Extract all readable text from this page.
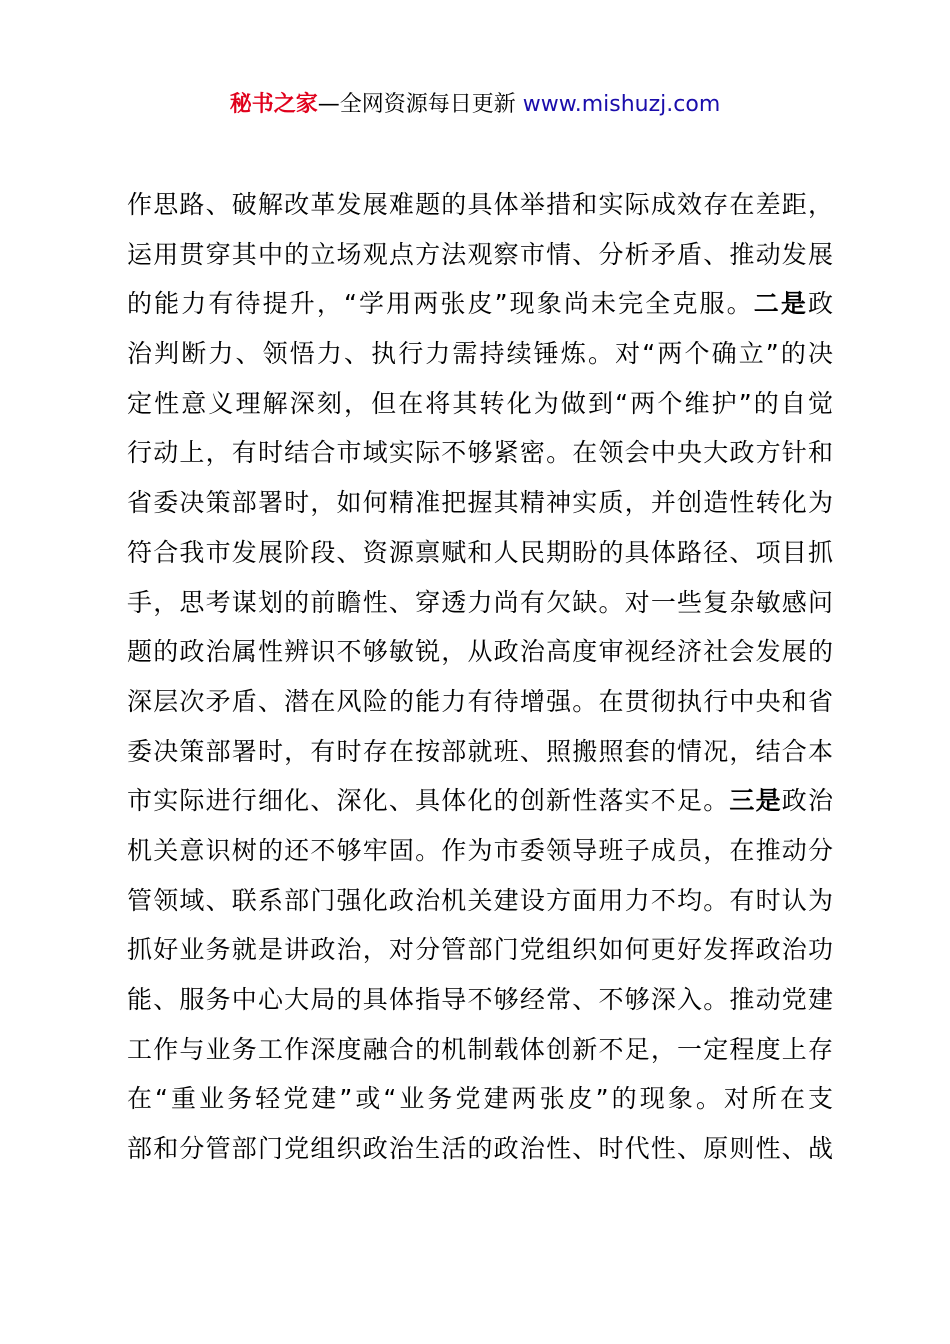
秘书之家—全网资源每日更新 www.mishuzj.com
作思路、破解改革发展难题的具体举措和实际成效存在差距，
运用贯穿其中的立场观点方法观察市情、分析矛盾、推动发展
的能力有待提升，“学用两张皮”现象尚未完全克服。二是政
治判断力、领悟力、执行力需持续锤炼。对“两个确立”的决
定性意义理解深刻，但在将其转化为做到“两个维护”的自觉
行动上，有时结合市域实际不够紧密。在领会中央大政方针和
省委决策部署时，如何精准把握其精神实质，并创造性转化为
符合我市发展阶段、资源禀赋和人民期盼的具体路径、项目抓
手，思考谋划的前瞻性、穿透力尚有欠缺。对一些复杂敏感问
题的政治属性辨识不够敏锐，从政治高度审视经济社会发展的
深层次矛盾、潜在风险的能力有待增强。在贯彻执行中央和省
委决策部署时，有时存在按部就班、照搬照套的情况，结合本
市实际进行细化、深化、具体化的创新性落实不足。三是政治
机关意识树的还不够牢固。作为市委领导班子成员，在推动分
管领域、联系部门强化政治机关建设方面用力不均。有时认为
抓好业务就是讲政治，对分管部门党组织如何更好发挥政治功
能、服务中心大局的具体指导不够经常、不够深入。推动党建
工作与业务工作深度融合的机制载体创新不足，一定程度上存
在“重业务轻党建”或“业务党建两张皮”的现象。对所在支
部和分管部门党组织政治生活的政治性、时代性、原则性、战
